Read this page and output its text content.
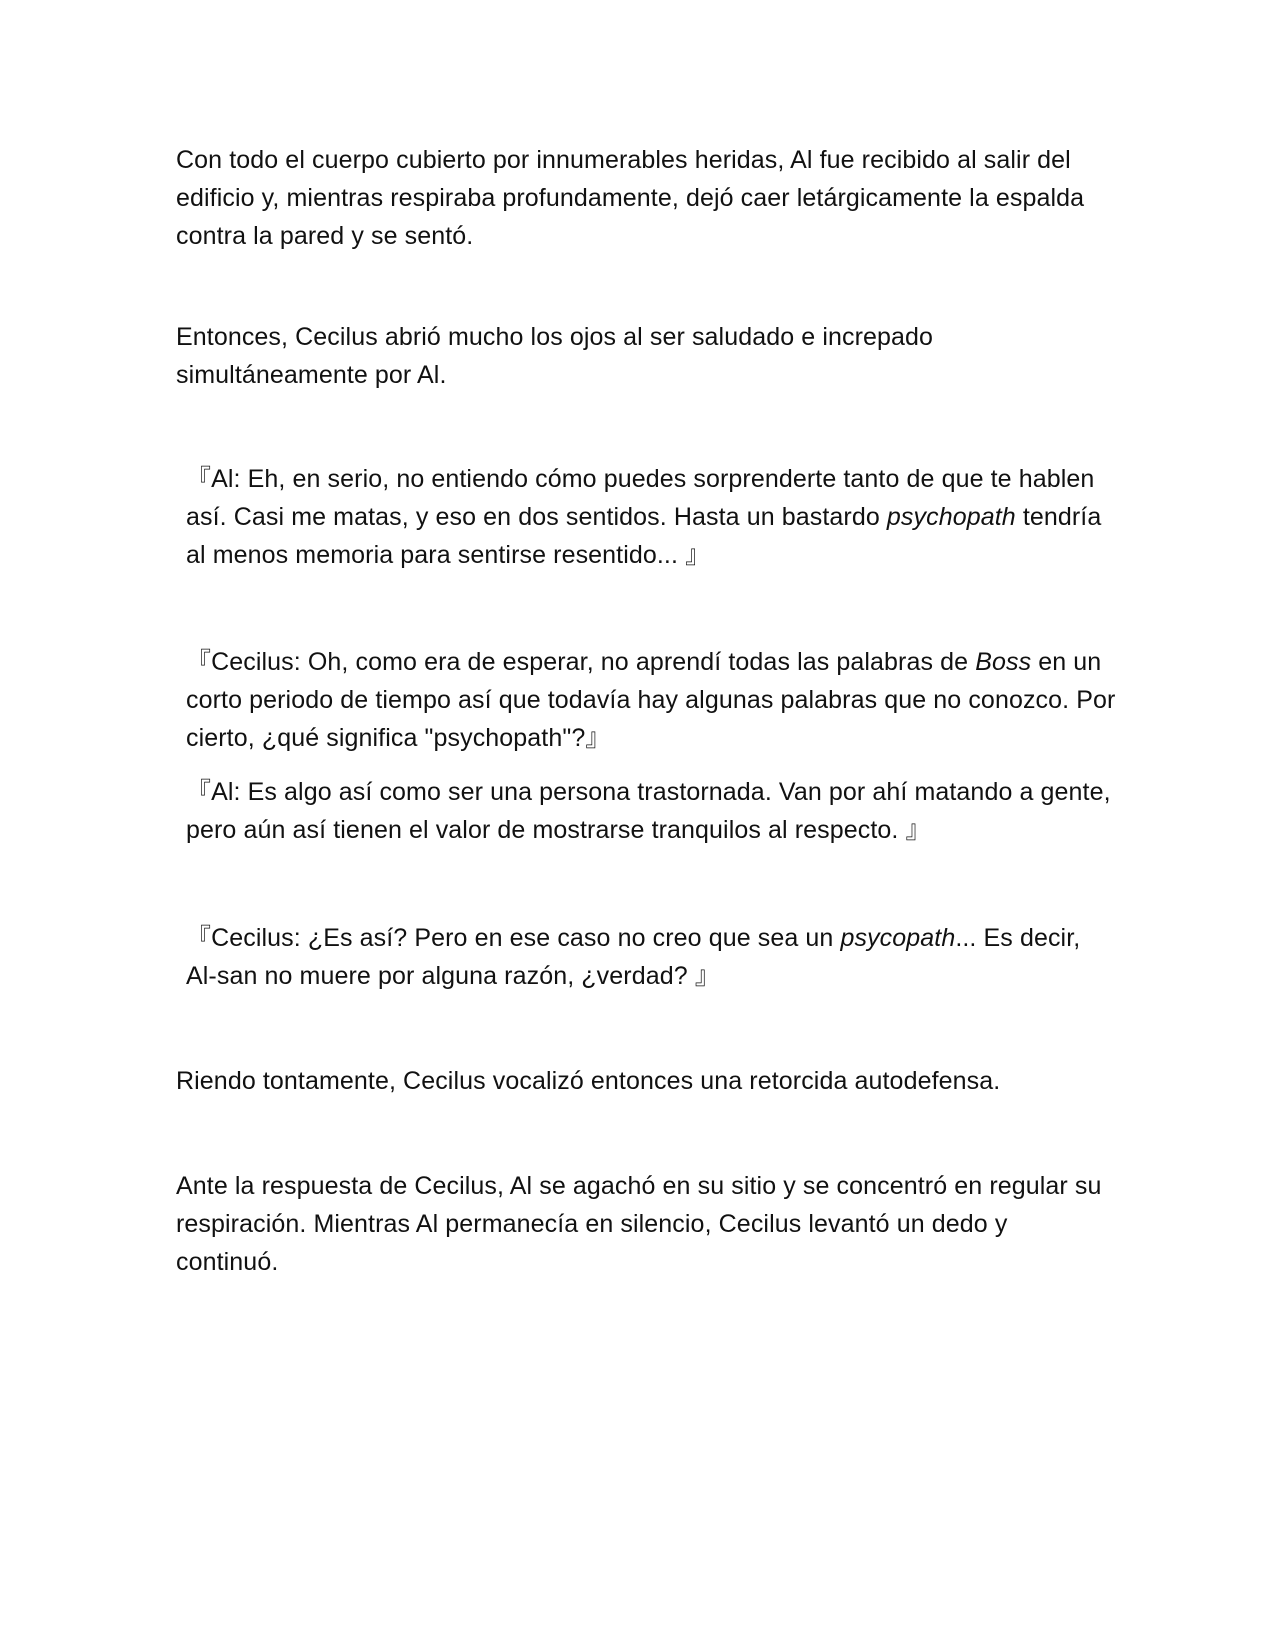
Con todo el cuerpo cubierto por innumerables heridas, Al fue recibido al salir del edificio y, mientras respiraba profundamente, dejó caer letárgicamente la espalda contra la pared y se sentó.

Entonces, Cecilus abrió mucho los ojos al ser saludado e increpado simultáneamente por Al.

『Al: Eh, en serio, no entiendo cómo puedes sorprenderte tanto de que te hablen así. Casi me matas, y eso en dos sentidos. Hasta un bastardo psychopath tendría al menos memoria para sentirse resentido... 』

『Cecilus: Oh, como era de esperar, no aprendí todas las palabras de Boss en un corto periodo de tiempo así que todavía hay algunas palabras que no conozco. Por cierto, ¿qué significa "psychopath"?』

『Al: Es algo así como ser una persona trastornada. Van por ahí matando a gente, pero aún así tienen el valor de mostrarse tranquilos al respecto. 』

『Cecilus: ¿Es así? Pero en ese caso no creo que sea un psycopath... Es decir, Al-san no muere por alguna razón, ¿verdad? 』

Riendo tontamente, Cecilus vocalizó entonces una retorcida autodefensa.

Ante la respuesta de Cecilus, Al se agachó en su sitio y se concentró en regular su respiración. Mientras Al permanecía en silencio, Cecilus levantó un dedo y continuó.
